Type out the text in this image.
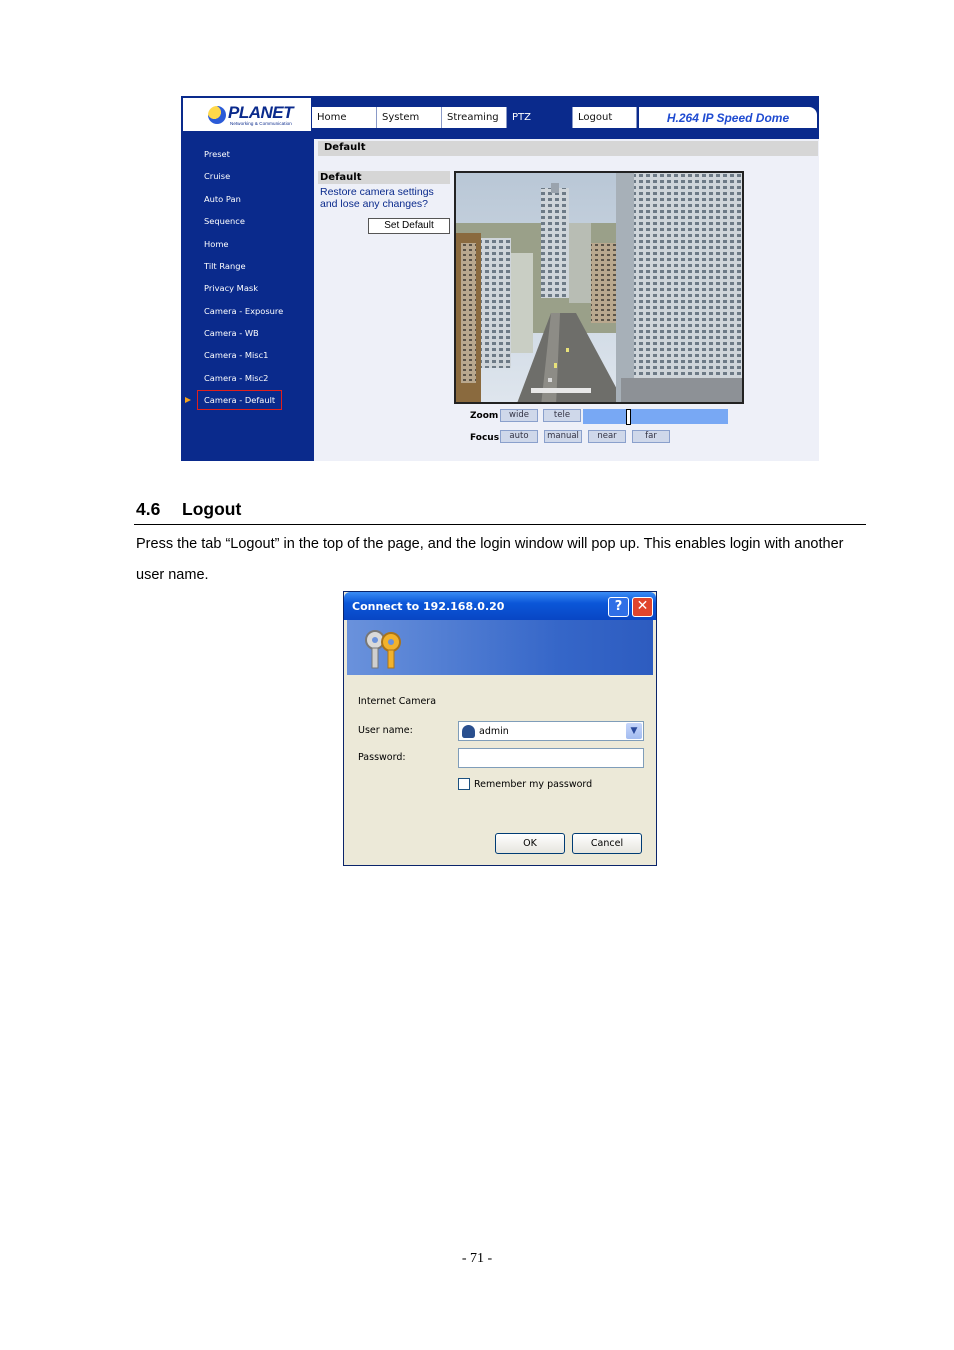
PLANET
Networking & Communication
Home	System	Streaming	PTZ	Logout	H.264 IP Speed Dome
Preset
Cruise
Auto Pan
Sequence
Home
Tilt Range
Privacy Mask
Camera - Exposure
Camera - WB
Camera - Misc1
Camera - Misc2
Camera - Default
Default
Default
Restore camera settings and lose any changes?
Set Default
Zoom	wide	tele
Focus	auto	manual	near	far
4.6 Logout
Press the tab “Logout” in the top of the page, and the login window will pop up. This enables login with another user name.
Connect to 192.168.0.20	?	✕
Internet Camera
User name:	admin	▼
Password:
Remember my password
OK	Cancel
- 71 -
